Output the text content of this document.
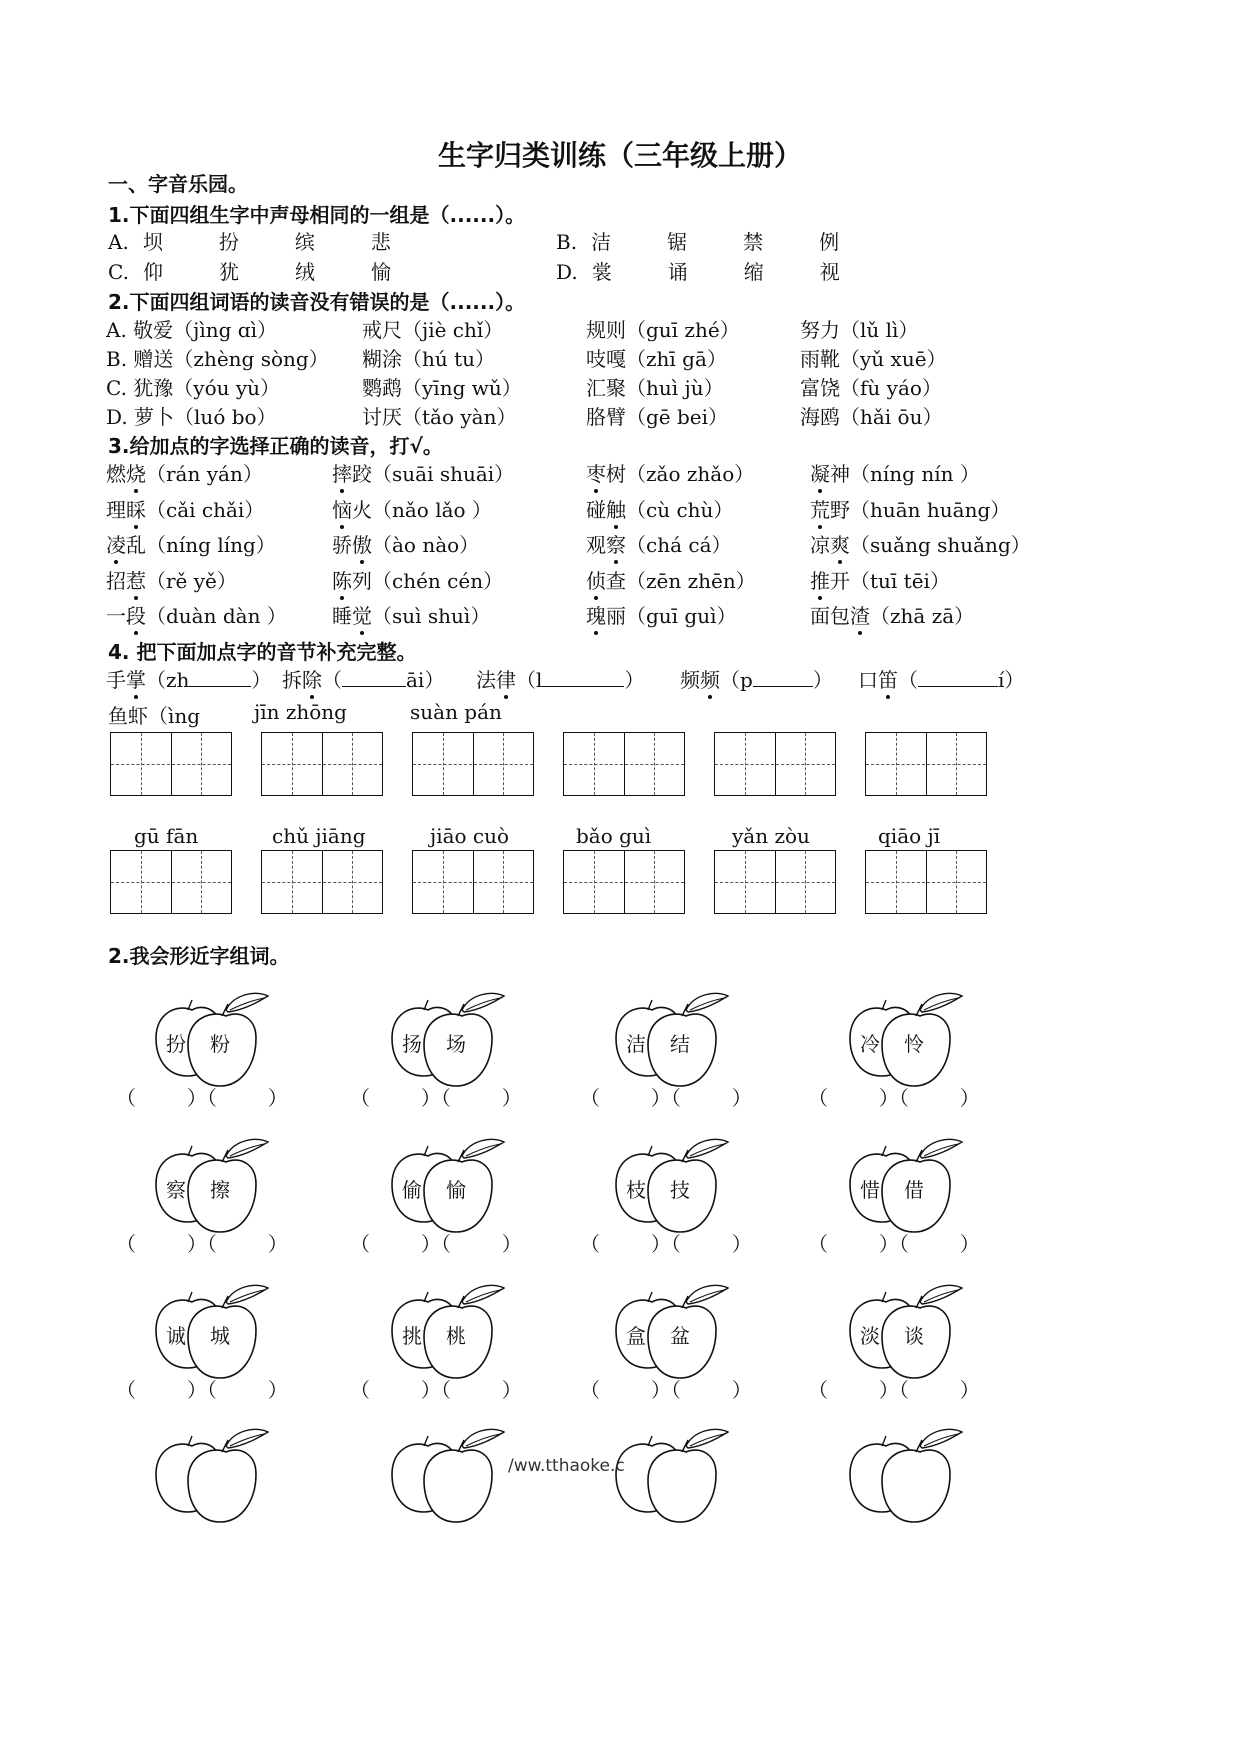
生字归类训练（三年级上册）
一、字音乐园。
1.下面四组生字中声母相同的一组是（......）。
A. 坝	扮	缤	悲	B. 洁	锯	禁	例
C. 仰	犹	绒	愉	D. 裳	诵	缩	视
2.下面四组词语的读音没有错误的是（......）。
A. 敬爱（jìng ɑì）	戒尺（jiè chǐ）	规则（guī zhé）	努力（lǔ lì）
B. 赠送（zhèng sòng） 糊涂（hú tu）	吱嘎（zhī gā）	雨靴（yǔ xuē）
C. 犹豫（yóu yù）	鹦鹉（yīng wǔ）	汇聚（huì jù）	富饶（fù yáo）
D. 萝卜（luó bo）	讨厌（tǎo yàn）	胳臂（gē bei）	海鸥（hǎi ōu）
3.给加点的字选择正确的读音，打√。
燃烧（rán yán）	摔跤（suāi shuāi）	枣树（zǎo zhǎo）	凝神（níng nín ）
理睬（cǎi chǎi）	恼火（nǎo lǎo ）	碰触（cù chù）	荒野（huān huāng）
凌乱（níng líng）	骄傲（ào nào）	观察（chá cá）	凉爽（suǎng shuǎng）
招惹（rě yě）	陈列（chén cén）	侦查（zēn zhēn）	推开（tuī tēi）
一段（duàn dàn ） 睡觉（suì shuì）	瑰丽（guī guì）	面包渣（zhā zā）
4. 把下面加点字的音节补充完整。
手掌（zh	） 拆除（	āi） 法律（l	） 频频（p	） 口笛（	í）
鱼虾（ìng	jīn zhōng	suàn pán
gū fān	chǔ jiāng	jiāo cuò	bǎo guì	yǎn zòu	qiāo jī
2.我会形近字组词。
扮 粉
（        ）（        ）
扬 场
（        ）（        ）
洁 结
（        ）（        ）
冷 怜
（        ）（        ）
察 擦
（        ）（        ）
偷 愉
（        ）（        ）
枝 技
（        ）（        ）
惜 借
（        ）（        ）
诚 城
（        ）（        ）
挑 桃
（        ）（        ）
盒 盆
（        ）（        ）
淡 谈
（        ）（        ）
/ww.tthaoke.c
